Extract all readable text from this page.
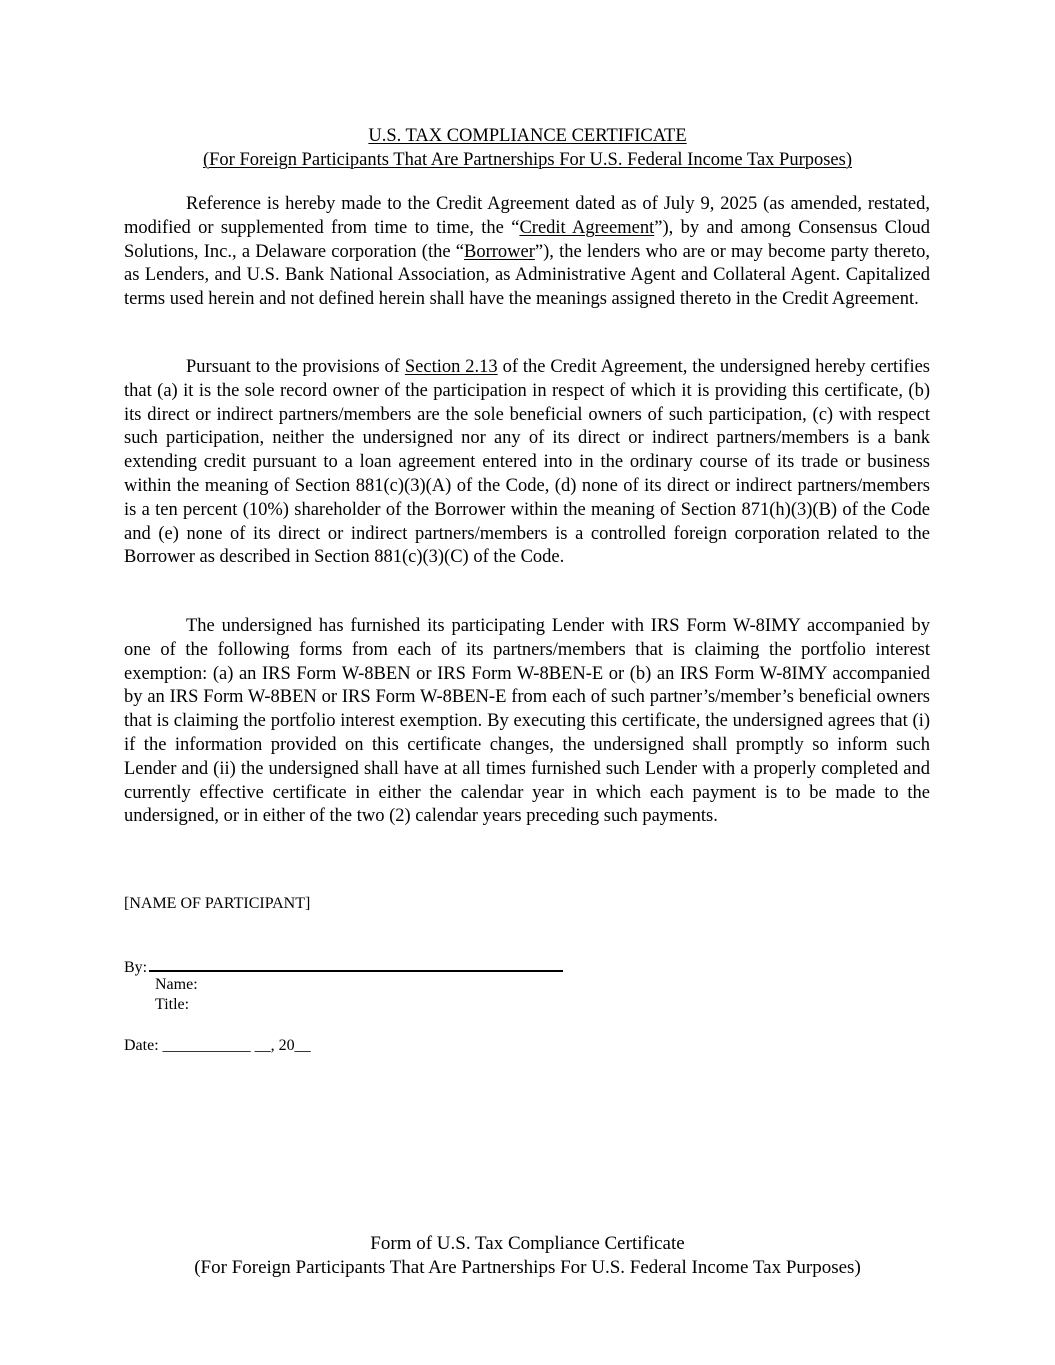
U.S. TAX COMPLIANCE CERTIFICATE
(For Foreign Participants That Are Partnerships For U.S. Federal Income Tax Purposes)

Reference is hereby made to the Credit Agreement dated as of July 9, 2025 (as amended, restated, modified or supplemented from time to time, the “Credit Agreement”), by and among Consensus Cloud Solutions, Inc., a Delaware corporation (the “Borrower”), the lenders who are or may become party thereto, as Lenders, and U.S. Bank National Association, as Administrative Agent and Collateral Agent. Capitalized terms used herein and not defined herein shall have the meanings assigned thereto in the Credit Agreement.

Pursuant to the provisions of Section 2.13 of the Credit Agreement, the undersigned hereby certifies that (a) it is the sole record owner of the participation in respect of which it is providing this certificate, (b) its direct or indirect partners/members are the sole beneficial owners of such participation, (c) with respect such participation, neither the undersigned nor any of its direct or indirect partners/members is a bank extending credit pursuant to a loan agreement entered into in the ordinary course of its trade or business within the meaning of Section 881(c)(3)(A) of the Code, (d) none of its direct or indirect partners/members is a ten percent (10%) shareholder of the Borrower within the meaning of Section 871(h)(3)(B) of the Code and (e) none of its direct or indirect partners/members is a controlled foreign corporation related to the Borrower as described in Section 881(c)(3)(C) of the Code.

The undersigned has furnished its participating Lender with IRS Form W-8IMY accompanied by one of the following forms from each of its partners/members that is claiming the portfolio interest exemption: (a) an IRS Form W-8BEN or IRS Form W-8BEN-E or (b) an IRS Form W-8IMY accompanied by an IRS Form W-8BEN or IRS Form W-8BEN-E from each of such partner’s/member’s beneficial owners that is claiming the portfolio interest exemption. By executing this certificate, the undersigned agrees that (i) if the information provided on this certificate changes, the undersigned shall promptly so inform such Lender and (ii) the undersigned shall have at all times furnished such Lender with a properly completed and currently effective certificate in either the calendar year in which each payment is to be made to the undersigned, or in either of the two (2) calendar years preceding such payments.

[NAME OF PARTICIPANT]
By:
Name:
Title:
Date: ___________ __, 20__
Form of U.S. Tax Compliance Certificate
(For Foreign Participants That Are Partnerships For U.S. Federal Income Tax Purposes)
